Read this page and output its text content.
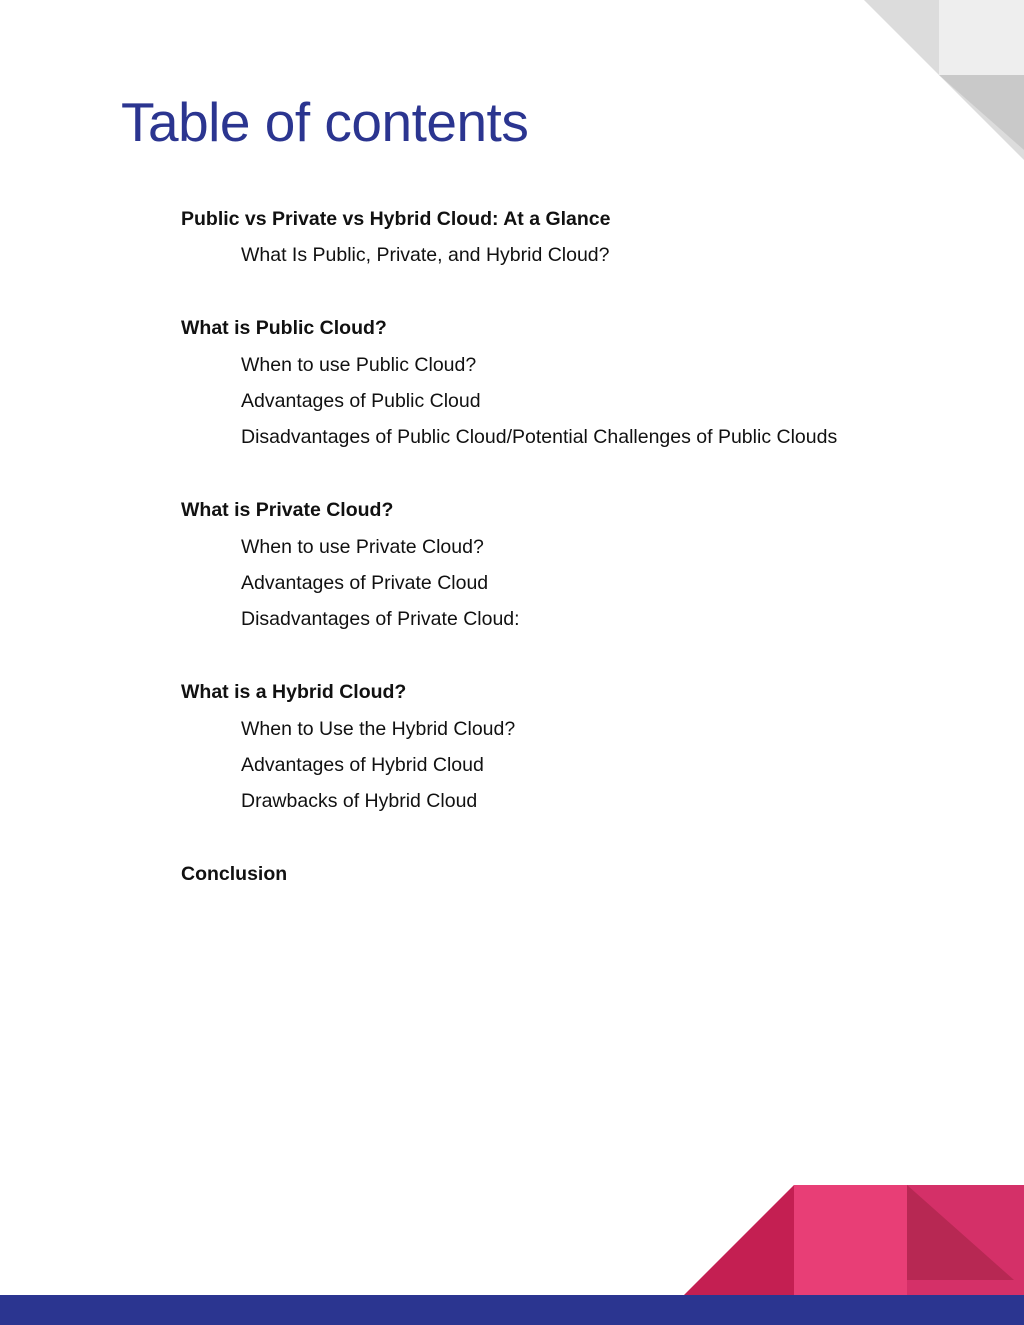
Table of contents
Public vs Private vs Hybrid Cloud: At a Glance
What Is Public, Private, and Hybrid Cloud?
What is Public Cloud?
When to use Public Cloud?
Advantages of Public Cloud
Disadvantages of Public Cloud/Potential Challenges of Public Clouds
What is Private Cloud?
When to use Private Cloud?
Advantages of Private Cloud
Disadvantages of Private Cloud:
What is a Hybrid Cloud?
When to Use the Hybrid Cloud?
Advantages of Hybrid Cloud
Drawbacks of Hybrid Cloud
Conclusion
